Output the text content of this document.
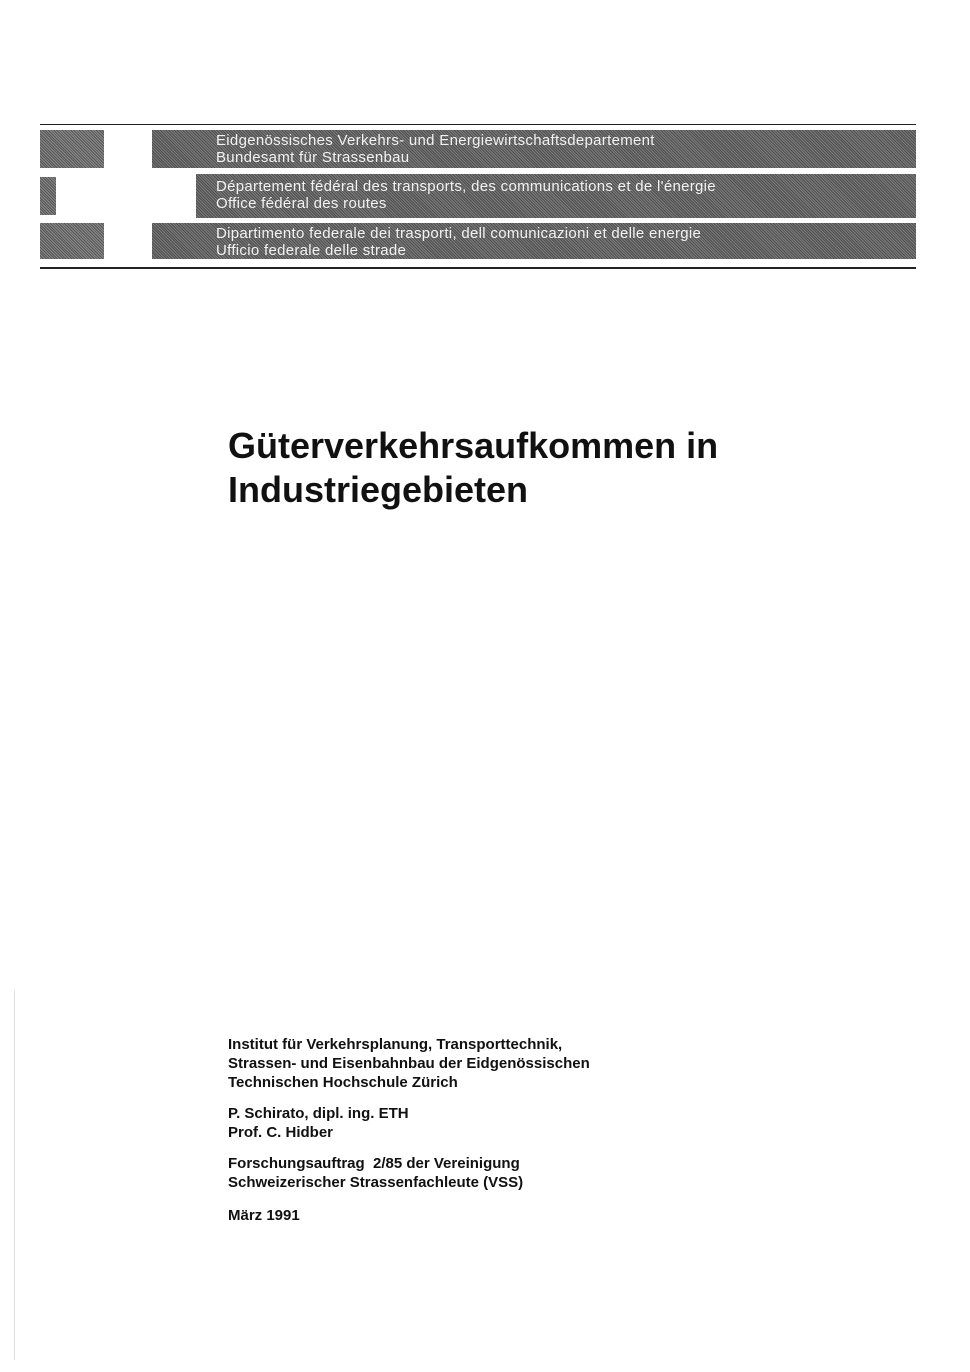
Eidgenössisches Verkehrs- und Energiewirtschaftsdepartement
Bundesamt für Strassenbau
Département fédéral des transports, des communications et de l'énergie
Office fédéral des routes
Dipartimento federale dei trasporti, dell comunicazioni et delle energie
Ufficio federale delle strade
Güterverkehrsaufkommen in
Industriegebieten

Institut für Verkehrsplanung, Transporttechnik,

Strassen- und Eisenbahnbau der Eidgenössischen

Technischen Hochschule Zürich

P. Schirato, dipl. ing. ETH

Prof. C. Hidber

Forschungsauftrag  2/85 der Vereinigung

Schweizerischer Strassenfachleute (VSS)

März 1991
